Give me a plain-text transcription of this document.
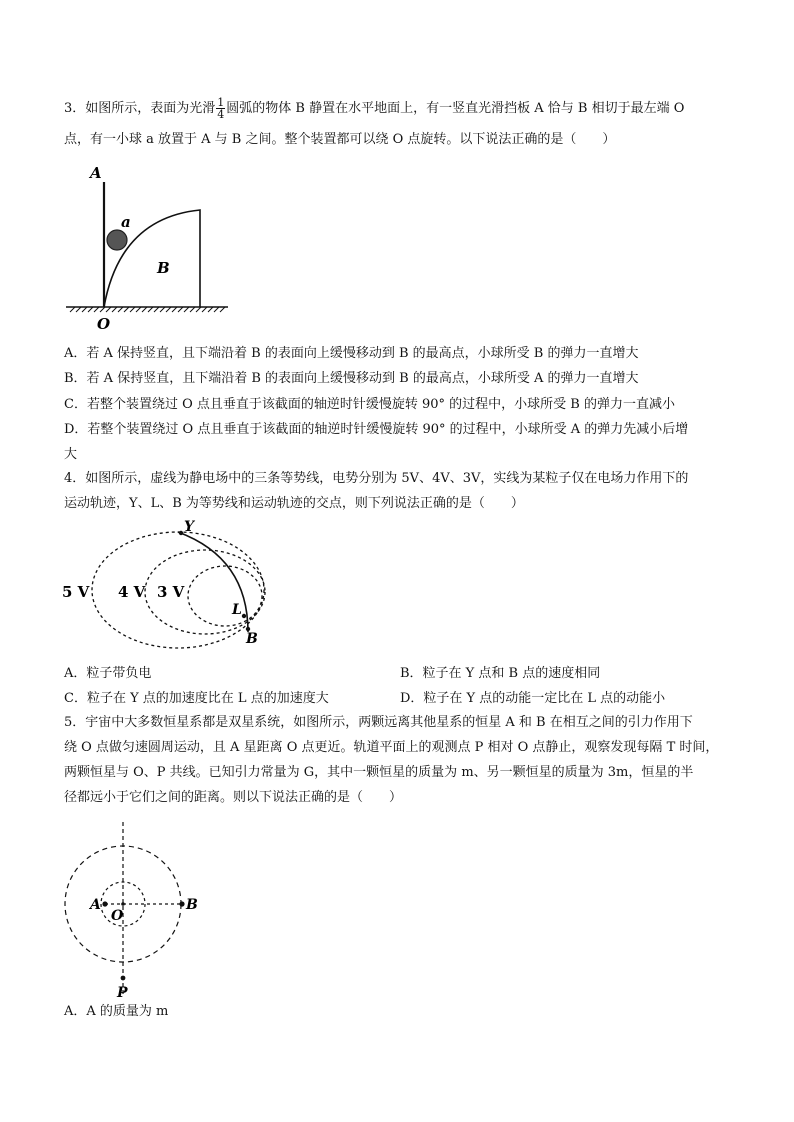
3．如图所示，表面为光滑 $\frac{1}{4}$ 圆弧的物体 B 静置在水平地面上，有一竖直光滑挡板 A 恰与 B 相切于最左端 O
点，有一小球 a 放置于 A 与 B 之间。整个装置都可以绕 O 点旋转。以下说法正确的是（　　）
A
a
B
O
A．若 A 保持竖直，且下端沿着 B 的表面向上缓慢移动到 B 的最高点，小球所受 B 的弹力一直增大
B．若 A 保持竖直，且下端沿着 B 的表面向上缓慢移动到 B 的最高点，小球所受 A 的弹力一直增大
C．若整个装置绕过 O 点且垂直于该截面的轴逆时针缓慢旋转 90° 的过程中，小球所受 B 的弹力一直减小
D．若整个装置绕过 O 点且垂直于该截面的轴逆时针缓慢旋转 90° 的过程中，小球所受 A 的弹力先减小后增
大
4．如图所示，虚线为静电场中的三条等势线，电势分别为 5V、4V、3V，实线为某粒子仅在电场力作用下的
运动轨迹，Y、L、B 为等势线和运动轨迹的交点，则下列说法正确的是（　　）
5 V 4 V 3 V
Y
L
B
A．粒子带负电	B．粒子在 Y 点和 B 点的速度相同
C．粒子在 Y 点的加速度比在 L 点的加速度大	D．粒子在 Y 点的动能一定比在 L 点的动能小
5．宇宙中大多数恒星系都是双星系统，如图所示，两颗远离其他星系的恒星 A 和 B 在相互之间的引力作用下
绕 O 点做匀速圆周运动，且 A 星距离 O 点更近。轨道平面上的观测点 P 相对 O 点静止，观察发现每隔 T 时间，
两颗恒星与 O、P 共线。已知引力常量为 G，其中一颗恒星的质量为 m、另一颗恒星的质量为 3m，恒星的半
径都远小于它们之间的距离。则以下说法正确的是（　　）
A
O
B
P
A．A 的质量为 m
